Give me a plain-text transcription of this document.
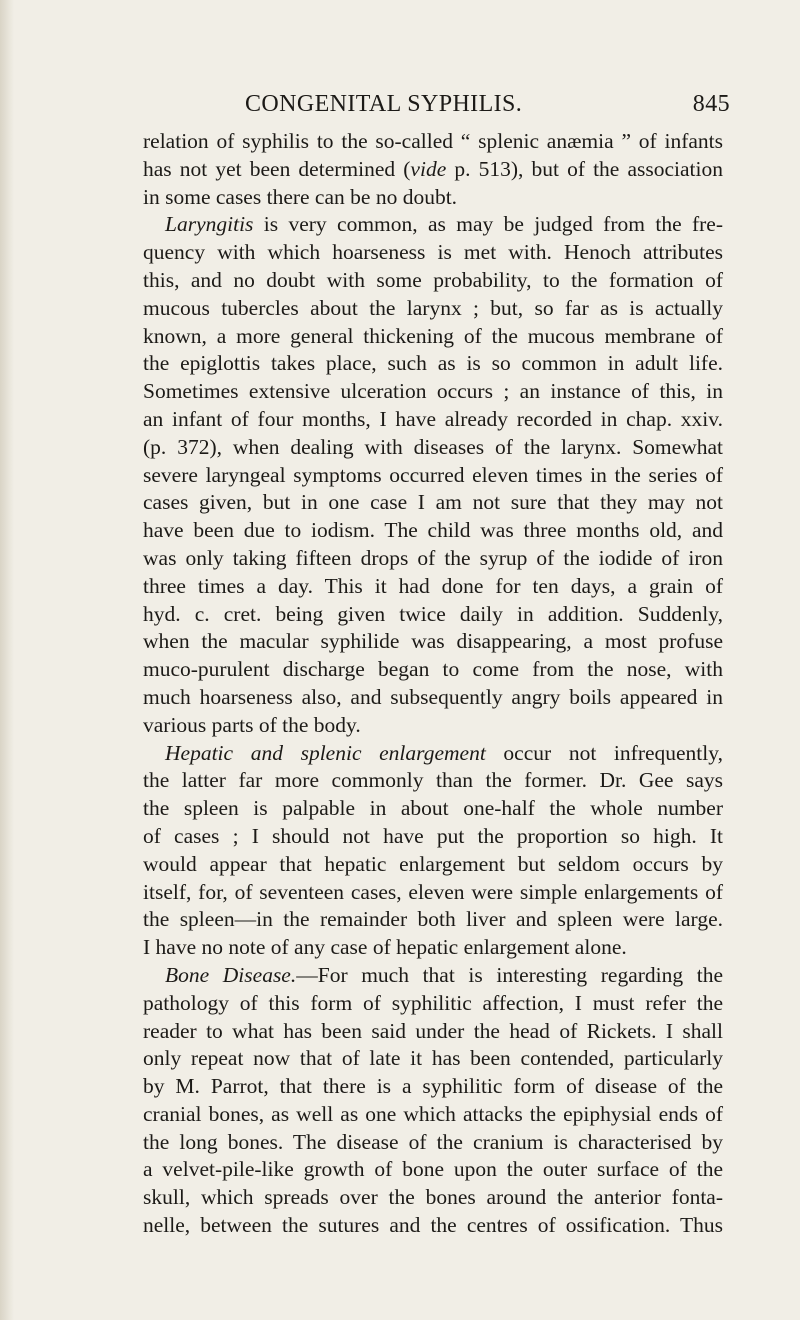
CONGENITAL SYPHILIS.	845
relation of syphilis to the so-called “ splenic anæmia ” of infants
has not yet been determined (vide p. 513), but of the association
in some cases there can be no doubt.
Laryngitis is very common, as may be judged from the fre-
quency with which hoarseness is met with. Henoch attributes
this, and no doubt with some probability, to the formation of
mucous tubercles about the larynx ; but, so far as is actually
known, a more general thickening of the mucous membrane of
the epiglottis takes place, such as is so common in adult life.
Sometimes extensive ulceration occurs ; an instance of this, in
an infant of four months, I have already recorded in chap. xxiv.
(p. 372), when dealing with diseases of the larynx. Somewhat
severe laryngeal symptoms occurred eleven times in the series of
cases given, but in one case I am not sure that they may not
have been due to iodism. The child was three months old, and
was only taking fifteen drops of the syrup of the iodide of iron
three times a day. This it had done for ten days, a grain of
hyd. c. cret. being given twice daily in addition. Suddenly,
when the macular syphilide was disappearing, a most profuse
muco-purulent discharge began to come from the nose, with
much hoarseness also, and subsequently angry boils appeared in
various parts of the body.
Hepatic and splenic enlargement occur not infrequently,
the latter far more commonly than the former. Dr. Gee says
the spleen is palpable in about one-half the whole number
of cases ; I should not have put the proportion so high. It
would appear that hepatic enlargement but seldom occurs by
itself, for, of seventeen cases, eleven were simple enlargements of
the spleen—in the remainder both liver and spleen were large.
I have no note of any case of hepatic enlargement alone.
Bone Disease.—For much that is interesting regarding the
pathology of this form of syphilitic affection, I must refer the
reader to what has been said under the head of Rickets. I shall
only repeat now that of late it has been contended, particularly
by M. Parrot, that there is a syphilitic form of disease of the
cranial bones, as well as one which attacks the epiphysial ends of
the long bones. The disease of the cranium is characterised by
a velvet-pile-like growth of bone upon the outer surface of the
skull, which spreads over the bones around the anterior fonta-
nelle, between the sutures and the centres of ossification. Thus
